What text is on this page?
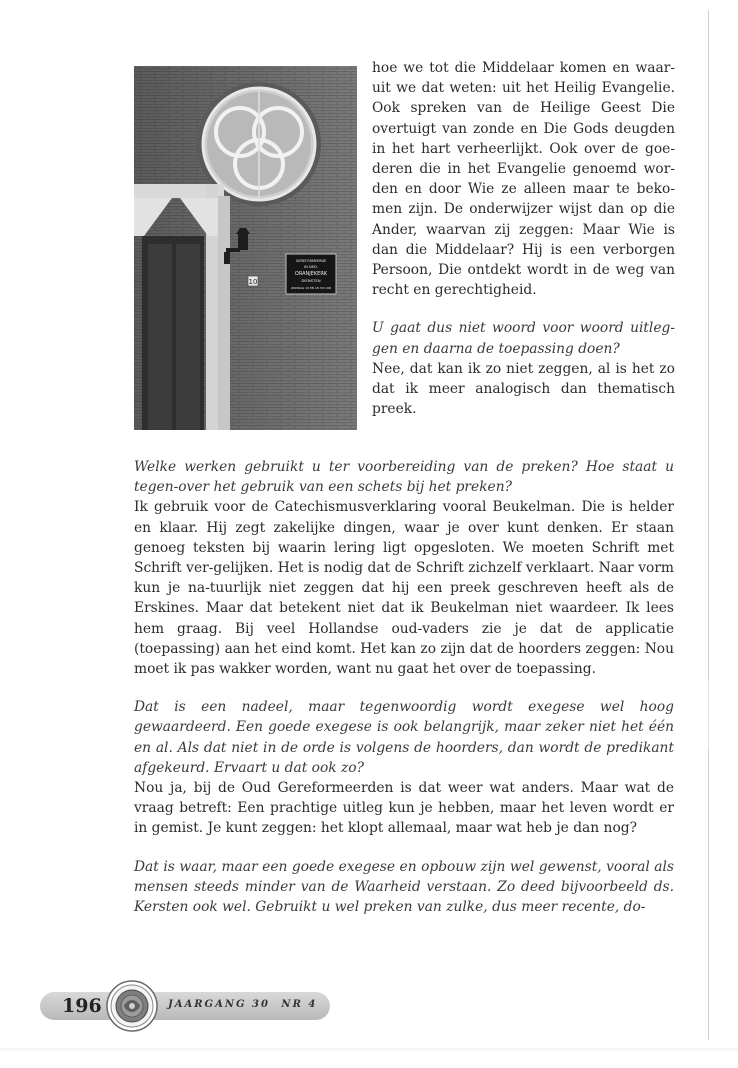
10
GEREFORMEERDE
IN NED.
ORANJEKERK
DIENSTEN
ZONDAG 10 EN 18.30 UUR

hoe we tot die Middelaar komen en waar-uit we dat weten: uit het Heilig Evangelie. Ook spreken van de Heilige Geest Die overtuigt van zonde en Die Gods deugden in het hart verheerlijkt. Ook over de goe-deren die in het Evangelie genoemd wor-den en door Wie ze alleen maar te beko-men zijn. De onderwijzer wijst dan op die Ander, waarvan zij zeggen: Maar Wie is dan die Middelaar? Hij is een verborgen Persoon, Die ontdekt wordt in de weg van recht en gerechtigheid.

U gaat dus niet woord voor woord uitleg-gen en daarna de toepassing doen?

Nee, dat kan ik zo niet zeggen, al is het zo dat ik meer analogisch dan thematisch preek.

Welke werken gebruikt u ter voorbereiding van de preken? Hoe staat u tegen-over het gebruik van een schets bij het preken?

Ik gebruik voor de Catechismusverklaring vooral Beukelman. Die is helder en klaar. Hij zegt zakelijke dingen, waar je over kunt denken. Er staan genoeg teksten bij waarin lering ligt opgesloten. We moeten Schrift met Schrift ver-gelijken. Het is nodig dat de Schrift zichzelf verklaart. Naar vorm kun je na-tuurlijk niet zeggen dat hij een preek geschreven heeft als de Erskines. Maar dat betekent niet dat ik Beukelman niet waardeer. Ik lees hem graag. Bij veel Hollandse oud-vaders zie je dat de applicatie (toepassing) aan het eind komt. Het kan zo zijn dat de hoorders zeggen: Nou moet ik pas wakker worden, want nu gaat het over de toepassing.

Dat is een nadeel, maar tegenwoordig wordt exegese wel hoog gewaardeerd. Een goede exegese is ook belangrijk, maar zeker niet het één en al. Als dat niet in de orde is volgens de hoorders, dan wordt de predikant afgekeurd. Ervaart u dat ook zo?

Nou ja, bij de Oud Gereformeerden is dat weer wat anders. Maar wat de vraag betreft: Een prachtige uitleg kun je hebben, maar het leven wordt er in gemist. Je kunt zeggen: het klopt allemaal, maar wat heb je dan nog?

Dat is waar, maar een goede exegese en opbouw zijn wel gewenst, vooral als mensen steeds minder van de Waarheid verstaan. Zo deed bijvoorbeeld ds. Kersten ook wel. Gebruikt u wel preken van zulke, dus meer recente, do-

196	JAARGANG 30 NR 4
